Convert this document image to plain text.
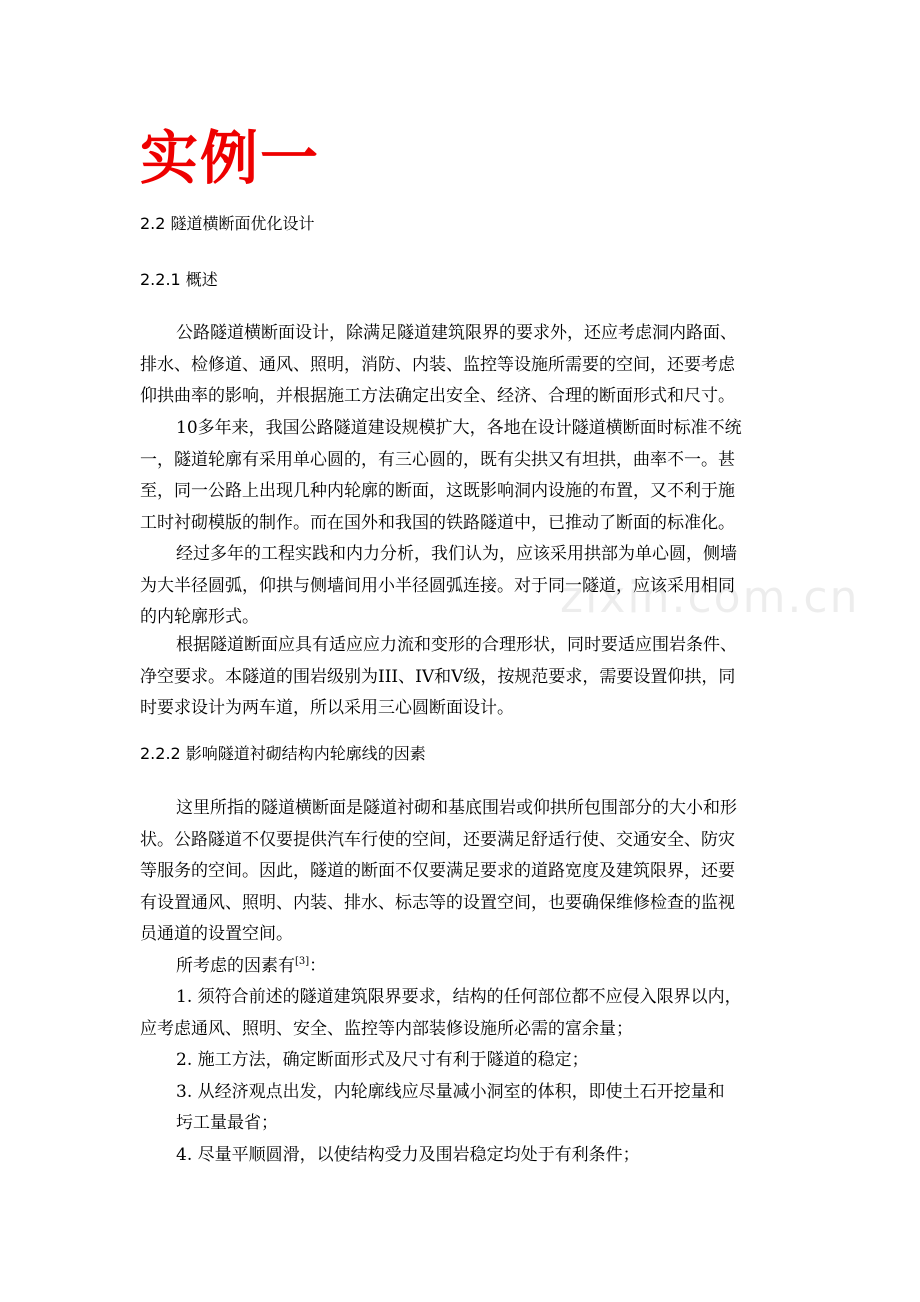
zixin.com.cn
实例一
2.2 隧道横断面优化设计
2.2.1 概述
公路隧道横断面设计，除满足隧道建筑限界的要求外，还应考虑洞内路面、
排水、检修道、通风、照明，消防、内装、监控等设施所需要的空间，还要考虑
仰拱曲率的影响，并根据施工方法确定出安全、经济、合理的断面形式和尺寸。
10多年来，我国公路隧道建设规模扩大，各地在设计隧道横断面时标准不统
一，隧道轮廓有采用单心圆的，有三心圆的，既有尖拱又有坦拱，曲率不一。甚
至，同一公路上出现几种内轮廓的断面，这既影响洞内设施的布置，又不利于施
工时衬砌模版的制作。而在国外和我国的铁路隧道中，已推动了断面的标准化。
经过多年的工程实践和内力分析，我们认为，应该采用拱部为单心圆，侧墙
为大半径圆弧，仰拱与侧墙间用小半径圆弧连接。对于同一隧道，应该采用相同
的内轮廓形式。
根据隧道断面应具有适应应力流和变形的合理形状，同时要适应围岩条件、
净空要求。本隧道的围岩级别为III、IV和V级，按规范要求，需要设置仰拱，同
时要求设计为两车道，所以采用三心圆断面设计。
2.2.2 影响隧道衬砌结构内轮廓线的因素
这里所指的隧道横断面是隧道衬砌和基底围岩或仰拱所包围部分的大小和形
状。公路隧道不仅要提供汽车行使的空间，还要满足舒适行使、交通安全、防灾
等服务的空间。因此，隧道的断面不仅要满足要求的道路宽度及建筑限界，还要
有设置通风、照明、内装、排水、标志等的设置空间，也要确保维修检查的监视
员通道的设置空间。
所考虑的因素有[3]：
1. 须符合前述的隧道建筑限界要求，结构的任何部位都不应侵入限界以内，
应考虑通风、照明、安全、监控等内部装修设施所必需的富余量；
2. 施工方法，确定断面形式及尺寸有利于隧道的稳定；
3. 从经济观点出发，内轮廓线应尽量减小洞室的体积，即使土石开挖量和
圬工量最省；
4. 尽量平顺圆滑，以使结构受力及围岩稳定均处于有利条件；
